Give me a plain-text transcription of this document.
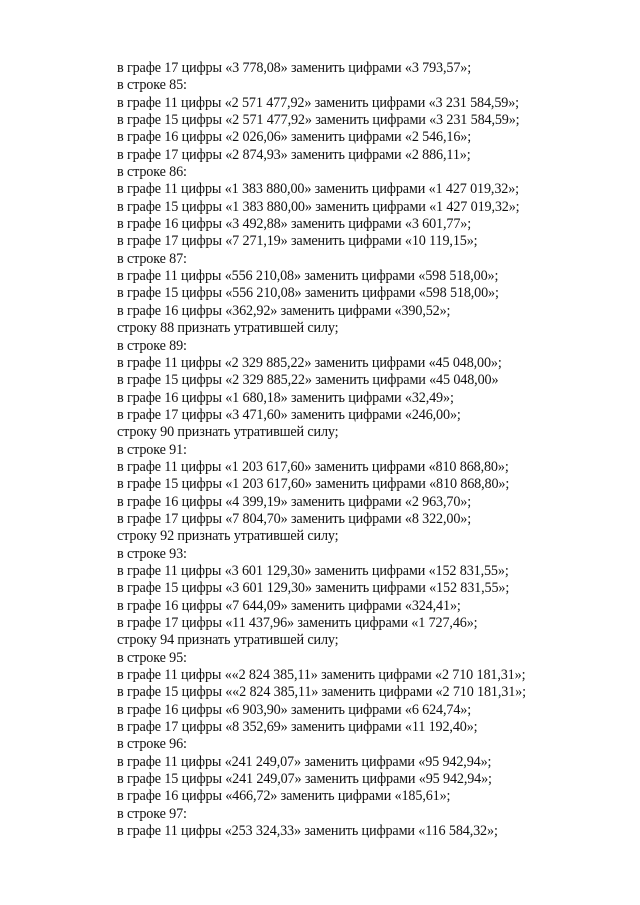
в графе 17 цифры «3 778,08» заменить цифрами «3 793,57»;
в строке 85:
в графе 11 цифры «2 571 477,92» заменить цифрами «3 231 584,59»;
в графе 15 цифры «2 571 477,92» заменить цифрами «3 231 584,59»;
в графе 16 цифры «2 026,06» заменить цифрами «2 546,16»;
в графе 17 цифры «2 874,93» заменить цифрами «2 886,11»;
в строке 86:
в графе 11 цифры «1 383 880,00» заменить цифрами «1 427 019,32»;
в графе 15 цифры «1 383 880,00» заменить цифрами «1 427 019,32»;
в графе 16 цифры «3 492,88» заменить цифрами «3 601,77»;
в графе 17 цифры «7 271,19» заменить цифрами «10 119,15»;
в строке 87:
в графе 11 цифры «556 210,08» заменить цифрами «598 518,00»;
в графе 15 цифры «556 210,08» заменить цифрами «598 518,00»;
в графе 16 цифры «362,92» заменить цифрами «390,52»;
строку 88 признать утратившей силу;
в строке 89:
в графе 11 цифры «2 329 885,22» заменить цифрами «45 048,00»;
в графе 15 цифры «2 329 885,22» заменить цифрами «45 048,00»
в графе 16 цифры «1 680,18» заменить цифрами «32,49»;
в графе 17 цифры «3 471,60» заменить цифрами «246,00»;
строку 90 признать утратившей силу;
в строке 91:
в графе 11 цифры «1 203 617,60» заменить цифрами «810 868,80»;
в графе 15 цифры «1 203 617,60» заменить цифрами «810 868,80»;
в графе 16 цифры «4 399,19» заменить цифрами «2 963,70»;
в графе 17 цифры «7 804,70» заменить цифрами «8 322,00»;
строку 92 признать утратившей силу;
в строке 93:
в графе 11 цифры «3 601 129,30» заменить цифрами «152 831,55»;
в графе 15 цифры «3 601 129,30» заменить цифрами «152 831,55»;
в графе 16 цифры «7 644,09» заменить цифрами «324,41»;
в графе 17 цифры «11 437,96» заменить цифрами «1 727,46»;
строку 94 признать утратившей силу;
в строке 95:
в графе 11 цифры ««2 824 385,11» заменить цифрами «2 710 181,31»;
в графе 15 цифры ««2 824 385,11» заменить цифрами «2 710 181,31»;
в графе 16 цифры «6 903,90» заменить цифрами «6 624,74»;
в графе 17 цифры «8 352,69» заменить цифрами «11 192,40»;
в строке 96:
в графе 11 цифры «241 249,07» заменить цифрами «95 942,94»;
в графе 15 цифры «241 249,07» заменить цифрами «95 942,94»;
в графе 16 цифры «466,72» заменить цифрами «185,61»;
в строке 97:
в графе 11 цифры «253 324,33» заменить цифрами «116 584,32»;
